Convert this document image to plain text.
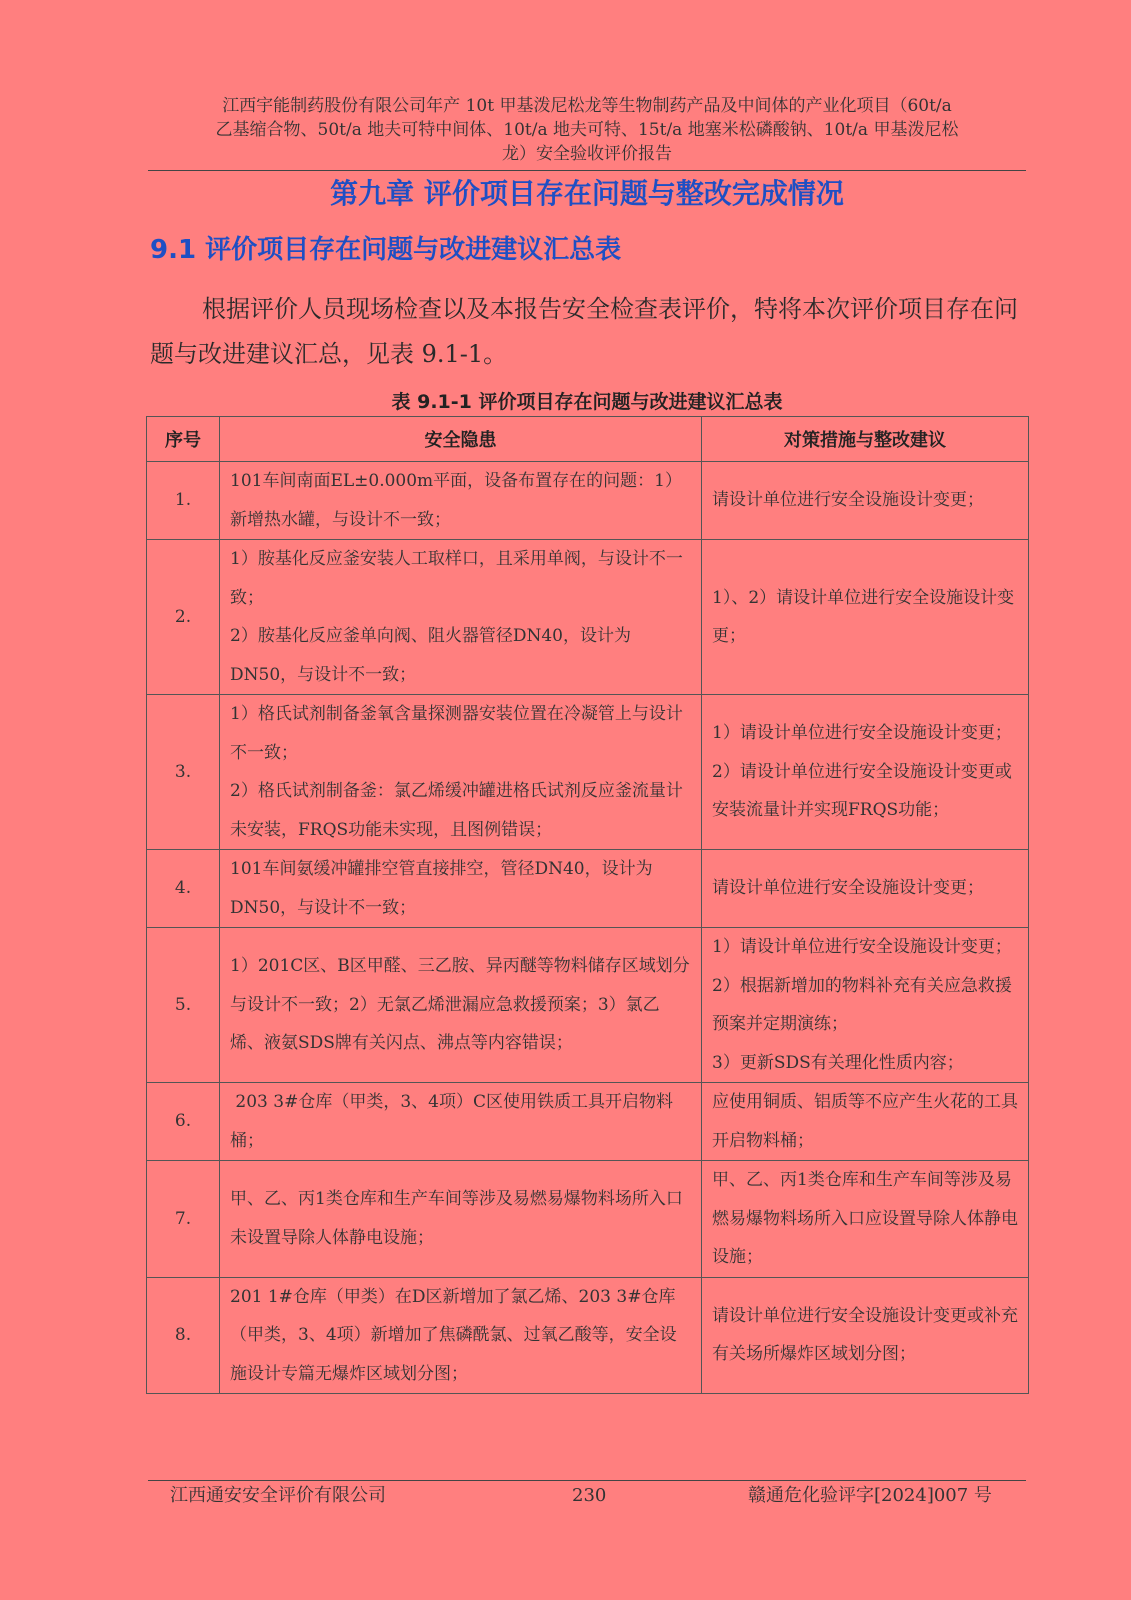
江西宇能制药股份有限公司年产 10t 甲基泼尼松龙等生物制药产品及中间体的产业化项目（60t/a
乙基缩合物、50t/a 地夫可特中间体、10t/a 地夫可特、15t/a 地塞米松磷酸钠、10t/a 甲基泼尼松
龙）安全验收评价报告
第九章 评价项目存在问题与整改完成情况
9.1 评价项目存在问题与改进建议汇总表
根据评价人员现场检查以及本报告安全检查表评价，特将本次评价项目存在问题与改进建议汇总，见表 9.1-1。
表 9.1-1 评价项目存在问题与改进建议汇总表
序号	安全隐患	对策措施与整改建议
1.	101车间南面EL±0.000m平面，设备布置存在的问题：1）新增热水罐，与设计不一致；	请设计单位进行安全设施设计变更；

2.	1）胺基化反应釜安装人工取样口，且采用单阀，与设计不一致；
2）胺基化反应釜单向阀、阻火器管径DN40，设计为DN50，与设计不一致；	1）、2）请设计单位进行安全设施设计变更；

3.	1）格氏试剂制备釜氧含量探测器安装位置在冷凝管上与设计不一致；
2）格氏试剂制备釜：氯乙烯缓冲罐进格氏试剂反应釜流量计未安装，FRQS功能未实现，且图例错误；	1）请设计单位进行安全设施设计变更；2）请设计单位进行安全设施设计变更或安装流量计并实现FRQS功能；

4.	101车间氨缓冲罐排空管直接排空，管径DN40，设计为DN50，与设计不一致；	请设计单位进行安全设施设计变更；

5.	1）201C区、B区甲醛、三乙胺、异丙醚等物料储存区域划分与设计不一致；2）无氯乙烯泄漏应急救援预案；3）氯乙烯、液氨SDS牌有关闪点、沸点等内容错误；	1）请设计单位进行安全设施设计变更；2）根据新增加的物料补充有关应急救援预案并定期演练；
3）更新SDS有关理化性质内容；

6.	203 3#仓库（甲类，3、4项）C区使用铁质工具开启物料桶；	应使用铜质、铝质等不应产生火花的工具开启物料桶；

7.	甲、乙、丙1类仓库和生产车间等涉及易燃易爆物料场所入口未设置导除人体静电设施；	甲、乙、丙1类仓库和生产车间等涉及易燃易爆物料场所入口应设置导除人体静电设施；

8.	201 1#仓库（甲类）在D区新增加了氯乙烯、203 3#仓库（甲类，3、4项）新增加了焦磷酰氯、过氧乙酸等，安全设施设计专篇无爆炸区域划分图；	请设计单位进行安全设施设计变更或补充有关场所爆炸区域划分图；
江西通安安全评价有限公司	230	赣通危化验评字[2024]007 号
